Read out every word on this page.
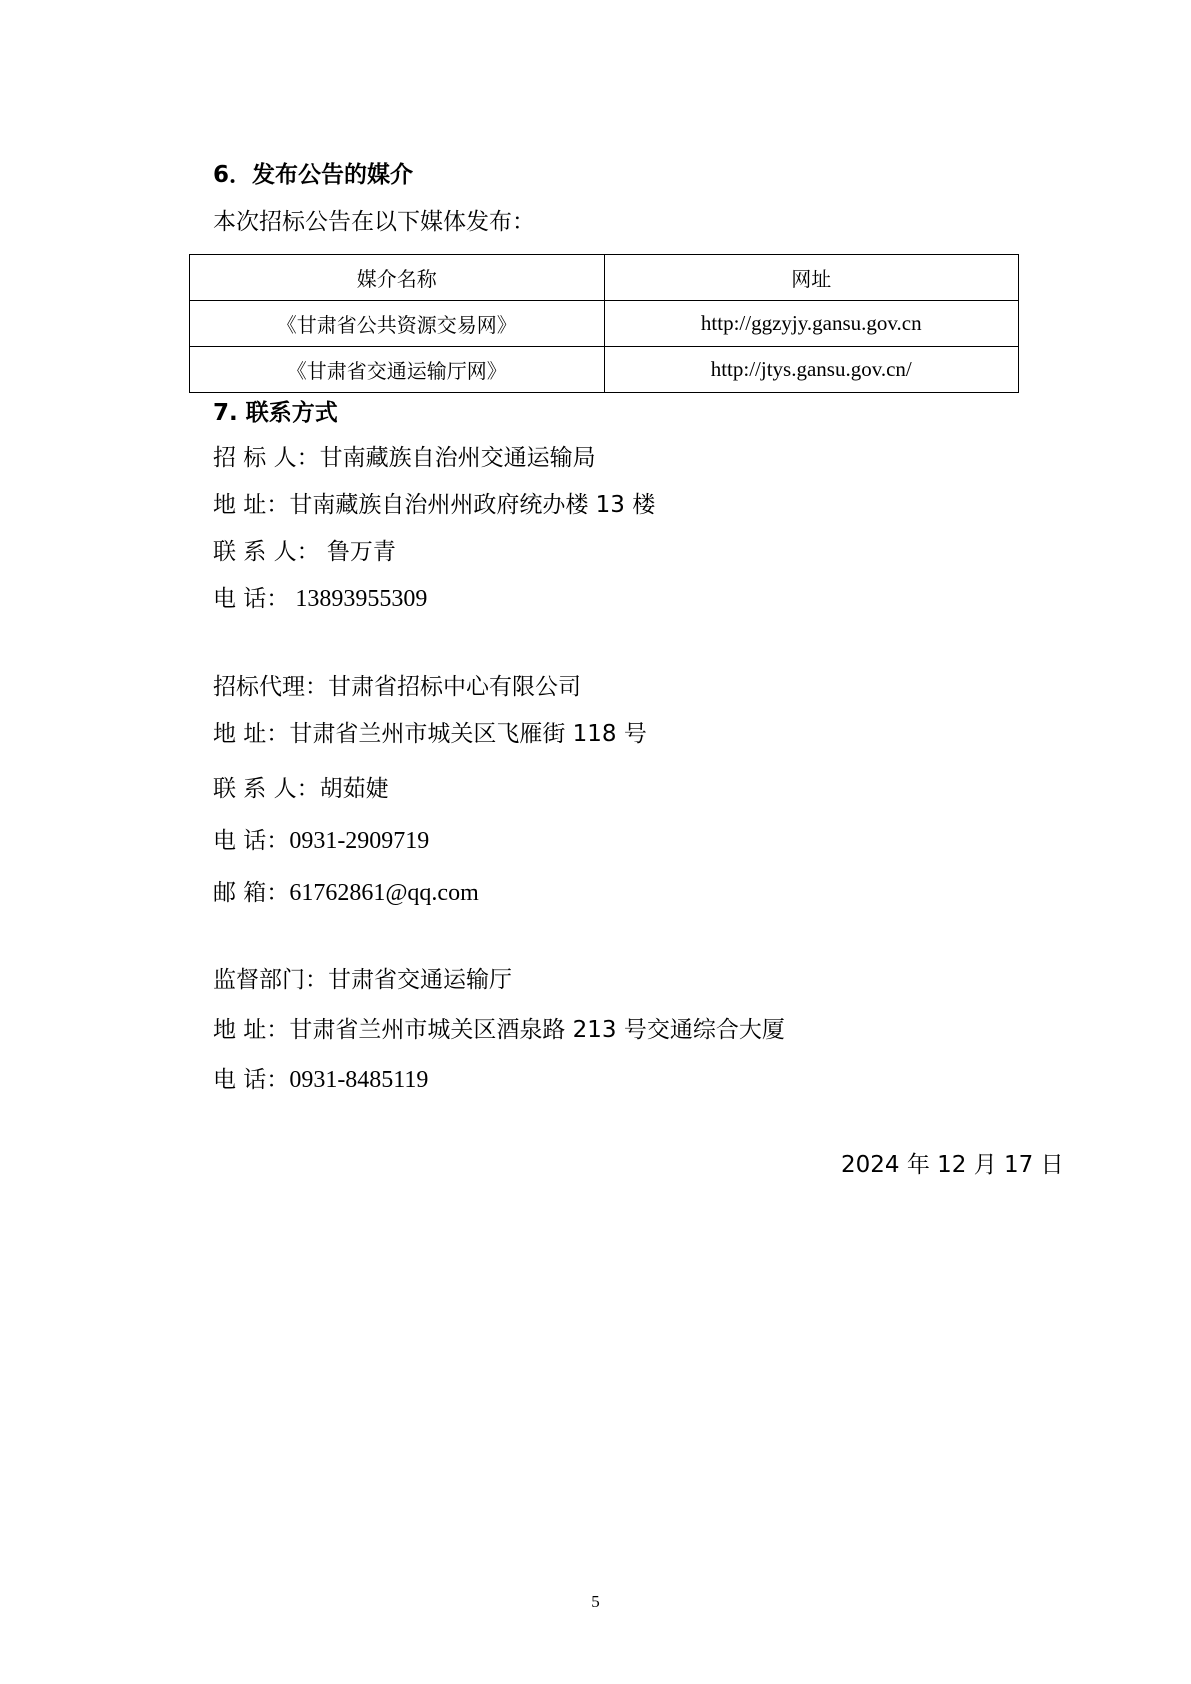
6．发布公告的媒介
本次招标公告在以下媒体发布：
媒介名称	网址
《甘肃省公共资源交易网》	http://ggzyjy.gansu.gov.cn
《甘肃省交通运输厅网》	http://jtys.gansu.gov.cn/
7. 联系方式
招 标 人：甘南藏族自治州交通运输局
地 址：甘南藏族自治州州政府统办楼 13 楼
联 系 人： 鲁万青
电 话： 13893955309
招标代理：甘肃省招标中心有限公司
地 址：甘肃省兰州市城关区飞雁街 118 号
联 系 人：胡茹婕
电 话：0931-2909719
邮 箱：61762861@qq.com
监督部门：甘肃省交通运输厅
地 址：甘肃省兰州市城关区酒泉路 213 号交通综合大厦
电 话：0931-8485119
2024 年 12 月 17 日
5
